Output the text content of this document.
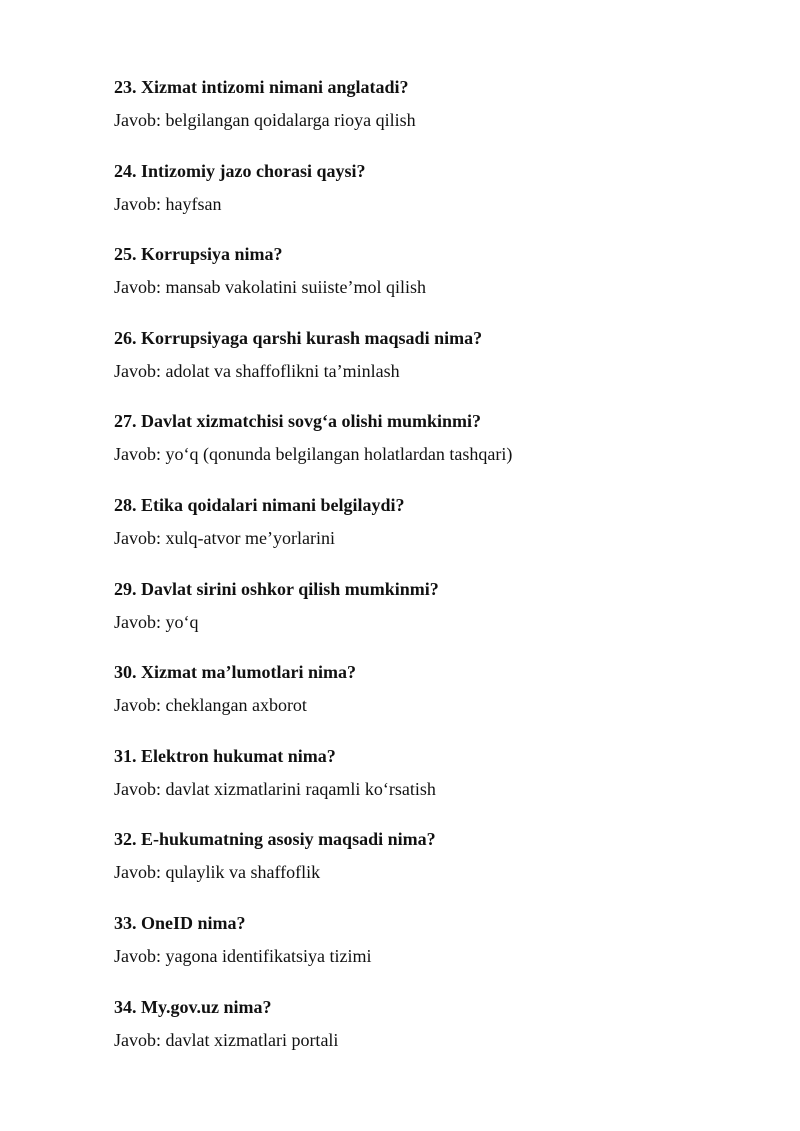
23. Xizmat intizomi nimani anglatadi?

Javob: belgilangan qoidalarga rioya qilish

24. Intizomiy jazo chorasi qaysi?

Javob: hayfsan

25. Korrupsiya nima?

Javob: mansab vakolatini suiiste’mol qilish

26. Korrupsiyaga qarshi kurash maqsadi nima?

Javob: adolat va shaffoflikni ta’minlash

27. Davlat xizmatchisi sovg‘a olishi mumkinmi?

Javob: yo‘q (qonunda belgilangan holatlardan tashqari)

28. Etika qoidalari nimani belgilaydi?

Javob: xulq-atvor me’yorlarini

29. Davlat sirini oshkor qilish mumkinmi?

Javob: yo‘q

30. Xizmat ma’lumotlari nima?

Javob: cheklangan axborot

31. Elektron hukumat nima?

Javob: davlat xizmatlarini raqamli ko‘rsatish

32. E-hukumatning asosiy maqsadi nima?

Javob: qulaylik va shaffoflik

33. OneID nima?

Javob: yagona identifikatsiya tizimi

34. My.gov.uz nima?

Javob: davlat xizmatlari portali
